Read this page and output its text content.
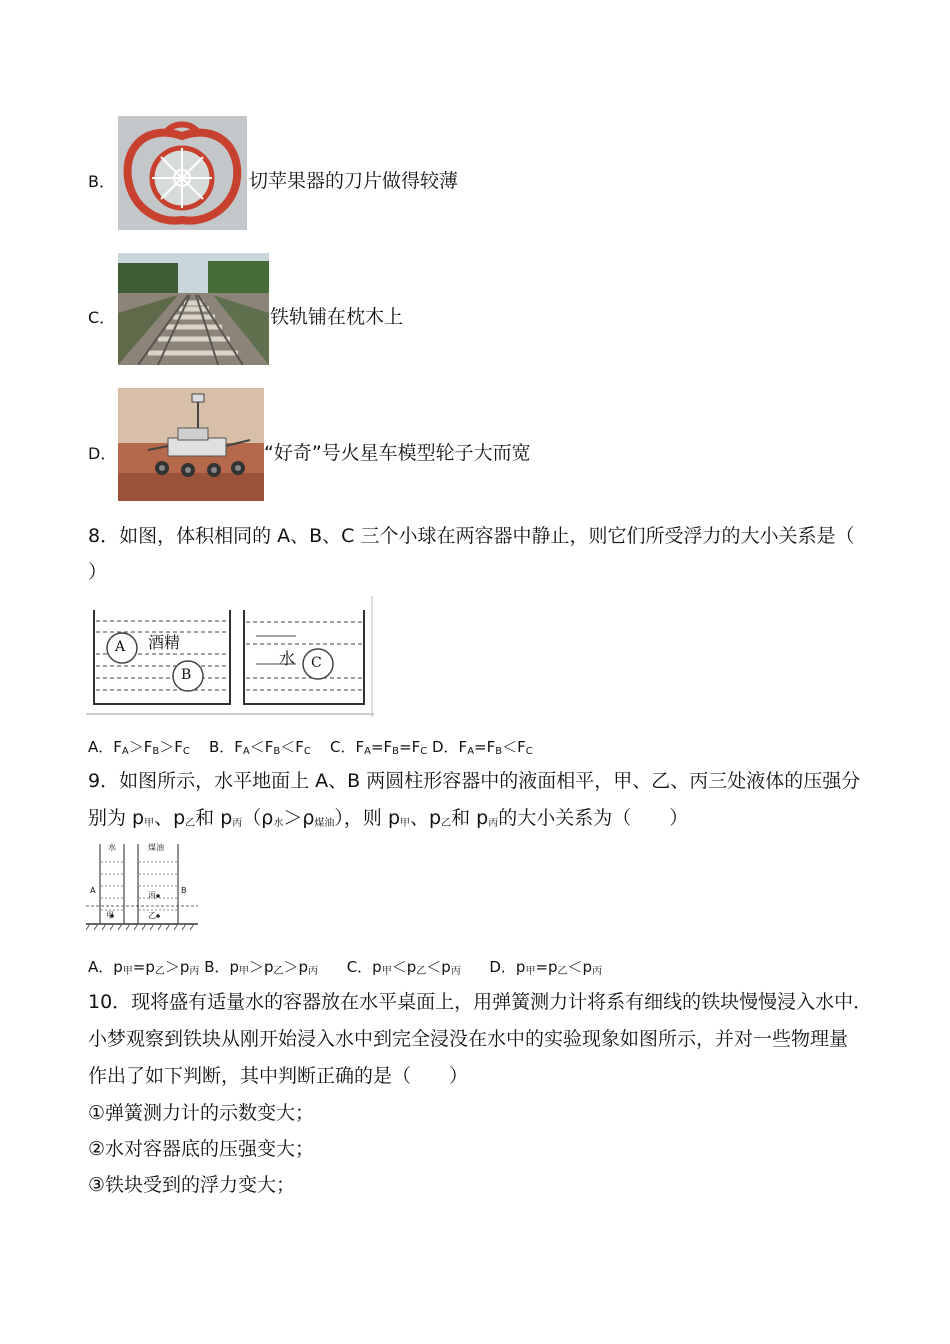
B．	切苹果器的刀片做得较薄
C．	铁轨铺在枕木上
D．	“好奇”号火星车模型轮子大而宽
8．如图，体积相同的 A、B、C 三个小球在两容器中静止，则它们所受浮力的大小关系是（
）
A
B
C
酒精
水
A．$F_A>F_B>F_C$ B．$F_A<F_B<F_C$ C．$F_A=F_B=F_C$ D．$F_A=F_B<F_C$
9．如图所示，水平地面上 A、B 两圆柱形容器中的液面相平，甲、乙、丙三处液体的压强分
别为 $p_甲$、$p_乙$和 $p_丙(\rho_水>\rho_{煤油})$，则 $p_甲$、$p_乙$和 $p_丙$的大小关系为（　　）
水	煤油
A	B
甲	乙
丙
A．$p_甲=p_乙>p_丙$ B．$p_甲>p_乙>p_丙$ C．$p_甲<p_乙<p_丙$ D．$p_甲=p_乙<p_丙$
10．现将盛有适量水的容器放在水平桌面上，用弹簧测力计将系有细线的铁块慢慢浸入水中．
小梦观察到铁块从刚开始浸入水中到完全浸没在水中的实验现象如图所示，并对一些物理量
作出了如下判断，其中判断正确的是（　　）
①弹簧测力计的示数变大；
②水对容器底的压强变大；
③铁块受到的浮力变大；
